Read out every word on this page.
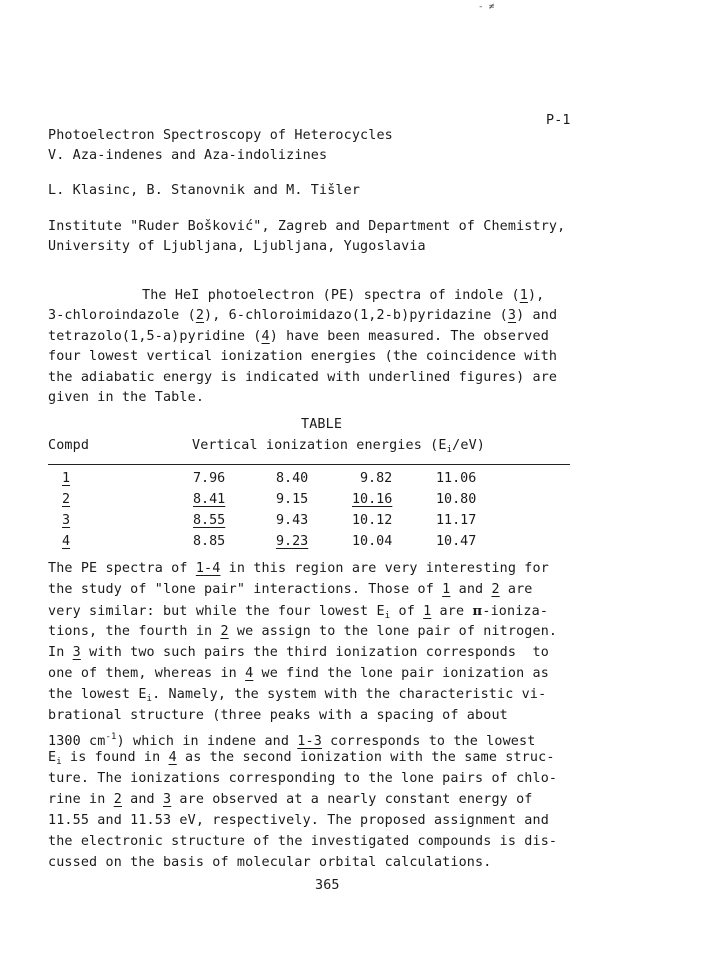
- ≠
P-1
Photoelectron Spectroscopy of Heterocycles
V. Aza-indenes and Aza-indolizines
L. Klasinc, B. Stanovnik and M. Tišler
Institute "Ruder Bošković", Zagreb and Department of Chemistry,
University of Ljubljana, Ljubljana, Yugoslavia
The HeI photoelectron (PE) spectra of indole (1),
3-chloroindazole (2), 6-chloroimidazo(1,2-b)pyridazine (3) and
tetrazolo(1,5-a)pyridine (4) have been measured. The observed
four lowest vertical ionization energies (the coincidence with
the adiabatic energy is indicated with underlined figures) are
given in the Table.
TABLE
Compd	Vertical ionization energies $(E_i/eV)$
1	7.96	8.40	9.82	11.06
2	8.41	9.15	10.16	10.80
3	8.55	9.43	10.12	11.17
4	8.85	9.23	10.04	10.47
The PE spectra of 1-4 in this region are very interesting for
the study of "lone pair" interactions. Those of 1 and 2 are
very similar: but while the four lowest $E_i$ of 1 are π-ioniza-
tions, the fourth in 2 we assign to the lone pair of nitrogen.
In 3 with two such pairs the third ionization corresponds  to
one of them, whereas in 4 we find the lone pair ionization as
the lowest $E_i$. Namely, the system with the characteristic vi-
brational structure (three peaks with a spacing of about
1300 $cm^{-1}$) which in indene and 1-3 corresponds to the lowest
$E_i$ is found in 4 as the second ionization with the same struc-
ture. The ionizations corresponding to the lone pairs of chlo-
rine in 2 and 3 are observed at a nearly constant energy of
11.55 and 11.53 eV, respectively. The proposed assignment and
the electronic structure of the investigated compounds is dis-
cussed on the basis of molecular orbital calculations.
365
